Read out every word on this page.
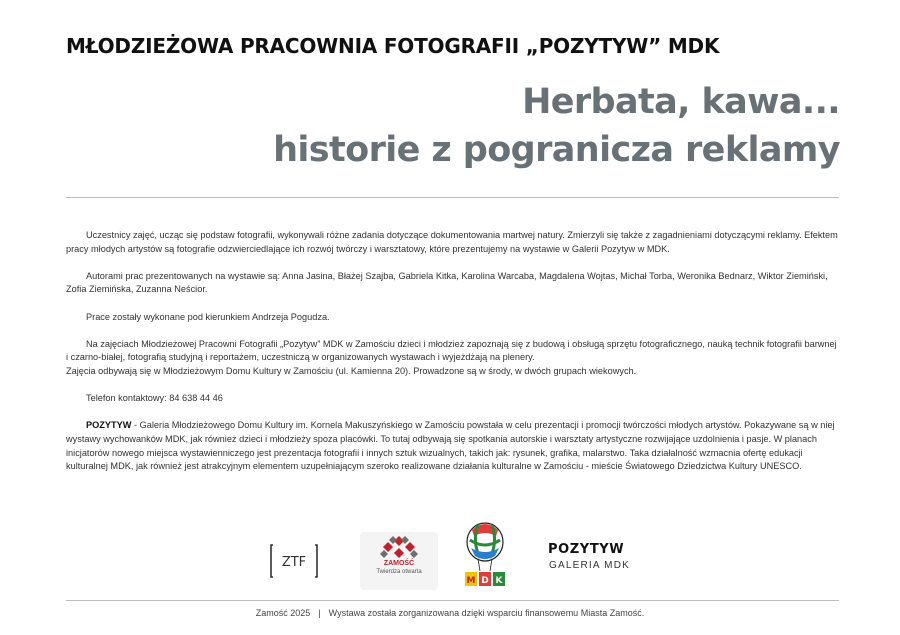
MŁODZIEŻOWA PRACOWNIA FOTOGRAFII „POZYTYW” MDK
Herbata, kawa...
historie z pogranicza reklamy

Uczestnicy zajęć, ucząc się podstaw fotografii, wykonywali różne zadania dotyczące dokumentowania martwej natury. Zmierzyli się także z zagadnieniami dotyczącymi reklamy. Efektem pracy młodych artystów są fotografie odzwierciedlające ich rozwój twórczy i warsztatowy, które prezentujemy na wystawie w Galerii Pozytyw w MDK.

Autorami prac prezentowanych na wystawie są: Anna Jasina, Błażej Szajba, Gabriela Kitka, Karolina Warcaba, Magdalena Wojtas, Michał Torba, Weronika Bednarz, Wiktor Ziemiński, Zofia Ziemińska, Zuzanna Neścior.

Prace zostały wykonane pod kierunkiem Andrzeja Pogudza.

Na zajęciach Młodzieżowej Pracowni Fotografii „Pozytyw” MDK w Zamościu dzieci i młodzież zapoznają się z budową i obsługą sprzętu fotograficznego, nauką technik fotografii barwnej i czarno-białej, fotografią studyjną i reportażem, uczestniczą w organizowanych wystawach i wyjeżdżają na plenery.
Zajęcia odbywają się w Młodzieżowym Domu Kultury w Zamościu (ul. Kamienna 20). Prowadzone są w środy, w dwóch grupach wiekowych.

Telefon kontaktowy: 84 638 44 46

POZYTYW - Galeria Młodzieżowego Domu Kultury im. Kornela Makuszyńskiego w Zamościu powstała w celu prezentacji i promocji twórczości młodych artystów. Pokazywane są w niej wystawy wychowanków MDK, jak również dzieci i młodzieży spoza placówki. To tutaj odbywają się spotkania autorskie i warsztaty artystyczne rozwijające uzdolnienia i pasje. W planach inicjatorów nowego miejsca wystawienniczego jest prezentacja fotografii i innych sztuk wizualnych, takich jak: rysunek, grafika, malarstwo. Taka działalność wzmacnia ofertę edukacji kulturalnej MDK, jak również jest atrakcyjnym elementem uzupełniającym szeroko realizowane działania kulturalne w Zamościu - mieście Światowego Dziedzictwa Kultury UNESCO.

ZTF	ZAMOŚĆ
Twierdza otwarta
M D K
POZYTYW
GALERIA MDK
Zamość 2025 | Wystawa została zorganizowana dzięki wsparciu finansowemu Miasta Zamość.
